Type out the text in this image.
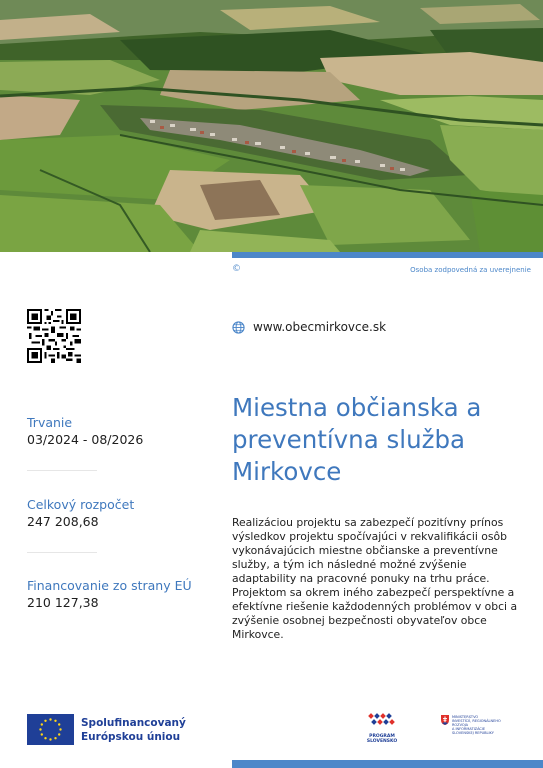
©	Osoba zodpovedná za uverejnenie
www.obecmirkovce.sk
Trvanie
03/2024 - 08/2026
Celkový rozpočet
247 208,68
Financovanie zo strany EÚ
210 127,38
Miestna občianska a
preventívna služba
Mirkovce

Realizáciou projektu sa zabezpečí pozitívny prínos
výsledkov projektu spočívajúci v rekvalifikácii osôb
vykonávajúcich miestne občianske a preventívne
služby, a tým ich následné možné zvýšenie
adaptability na pracovné ponuky na trhu práce.
Projektom sa okrem iného zabezpečí perspektívne a
efektívne riešenie každodenných problémov v obci a
zvýšenie osobnej bezpečnosti obyvateľov obce
Mirkovce.

Spolufinancovaný
Európskou úniou	PROGRAM
SLOVENSKO
MINISTERSTVO
INVESTÍCIÍ, REGIONÁLNEHO ROZVOJA
A INFORMATIZÁCIE
SLOVENSKEJ REPUBLIKY
